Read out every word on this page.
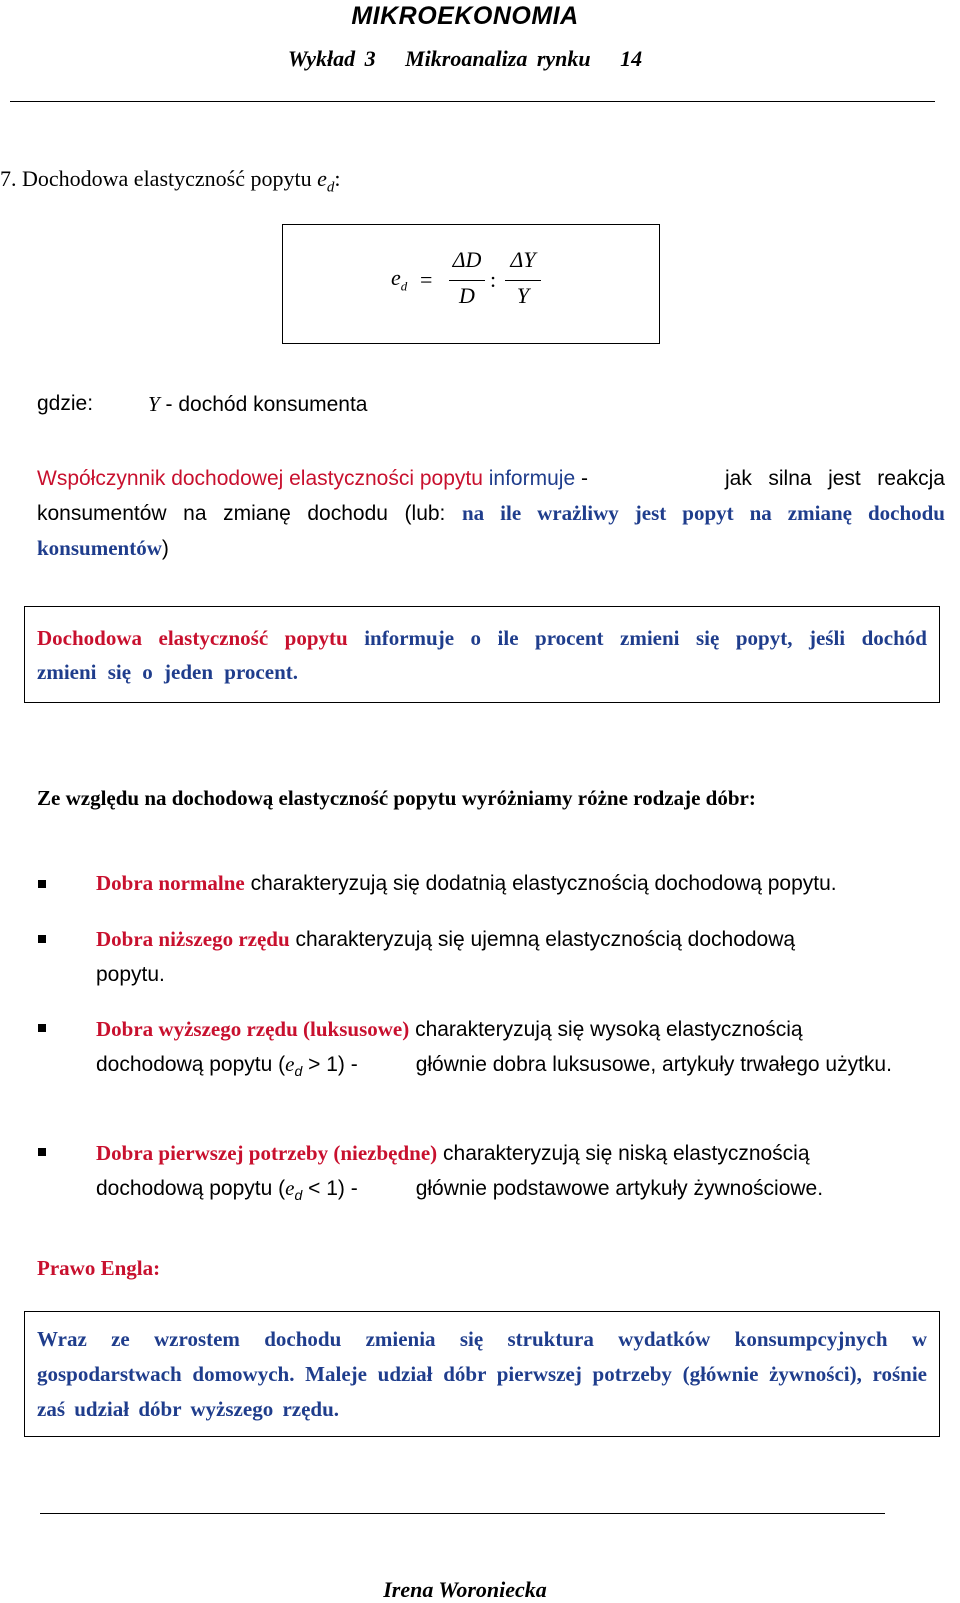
MIKROEKONOMIA
Wykład 3 Mikroanaliza rynku 14
7. Dochodowa elastyczność popytu $e_d$:
$e_d$ =
ΔD
D
:
ΔY
Y
gdzie:	Y - dochód konsumenta
Współczynnik dochodowej elastyczności popytu informuje -	jak silna jest reakcja konsumentów na zmianę dochodu (lub: na ile wrażliwy jest popyt na zmianę dochodu konsumentów)
Dochodowa elastyczność popytu informuje o ile procent zmieni się popyt, jeśli dochód zmieni się o jeden procent.
Ze względu na dochodową elastyczność popytu wyróżniamy różne rodzaje dóbr:
Dobra normalne charakteryzują się dodatnią elastycznością dochodową popytu.
Dobra niższego rzędu charakteryzują się ujemną elastycznością dochodową popytu.
Dobra wyższego rzędu (luksusowe) charakteryzują się wysoką elastycznością dochodową popytu $(e_d > 1)$ -	głównie dobra luksusowe, artykuły trwałego użytku.
Dobra pierwszej potrzeby (niezbędne) charakteryzują się niską elastycznością dochodową popytu $(e_d < 1)$ -	głównie podstawowe artykuły żywnościowe.
Prawo Engla:
Wraz ze wzrostem dochodu zmienia się struktura wydatków konsumpcyjnych w gospodarstwach domowych. Maleje udział dóbr pierwszej potrzeby (głównie żywności), rośnie zaś udział dóbr wyższego rzędu.
Irena Woroniecka
